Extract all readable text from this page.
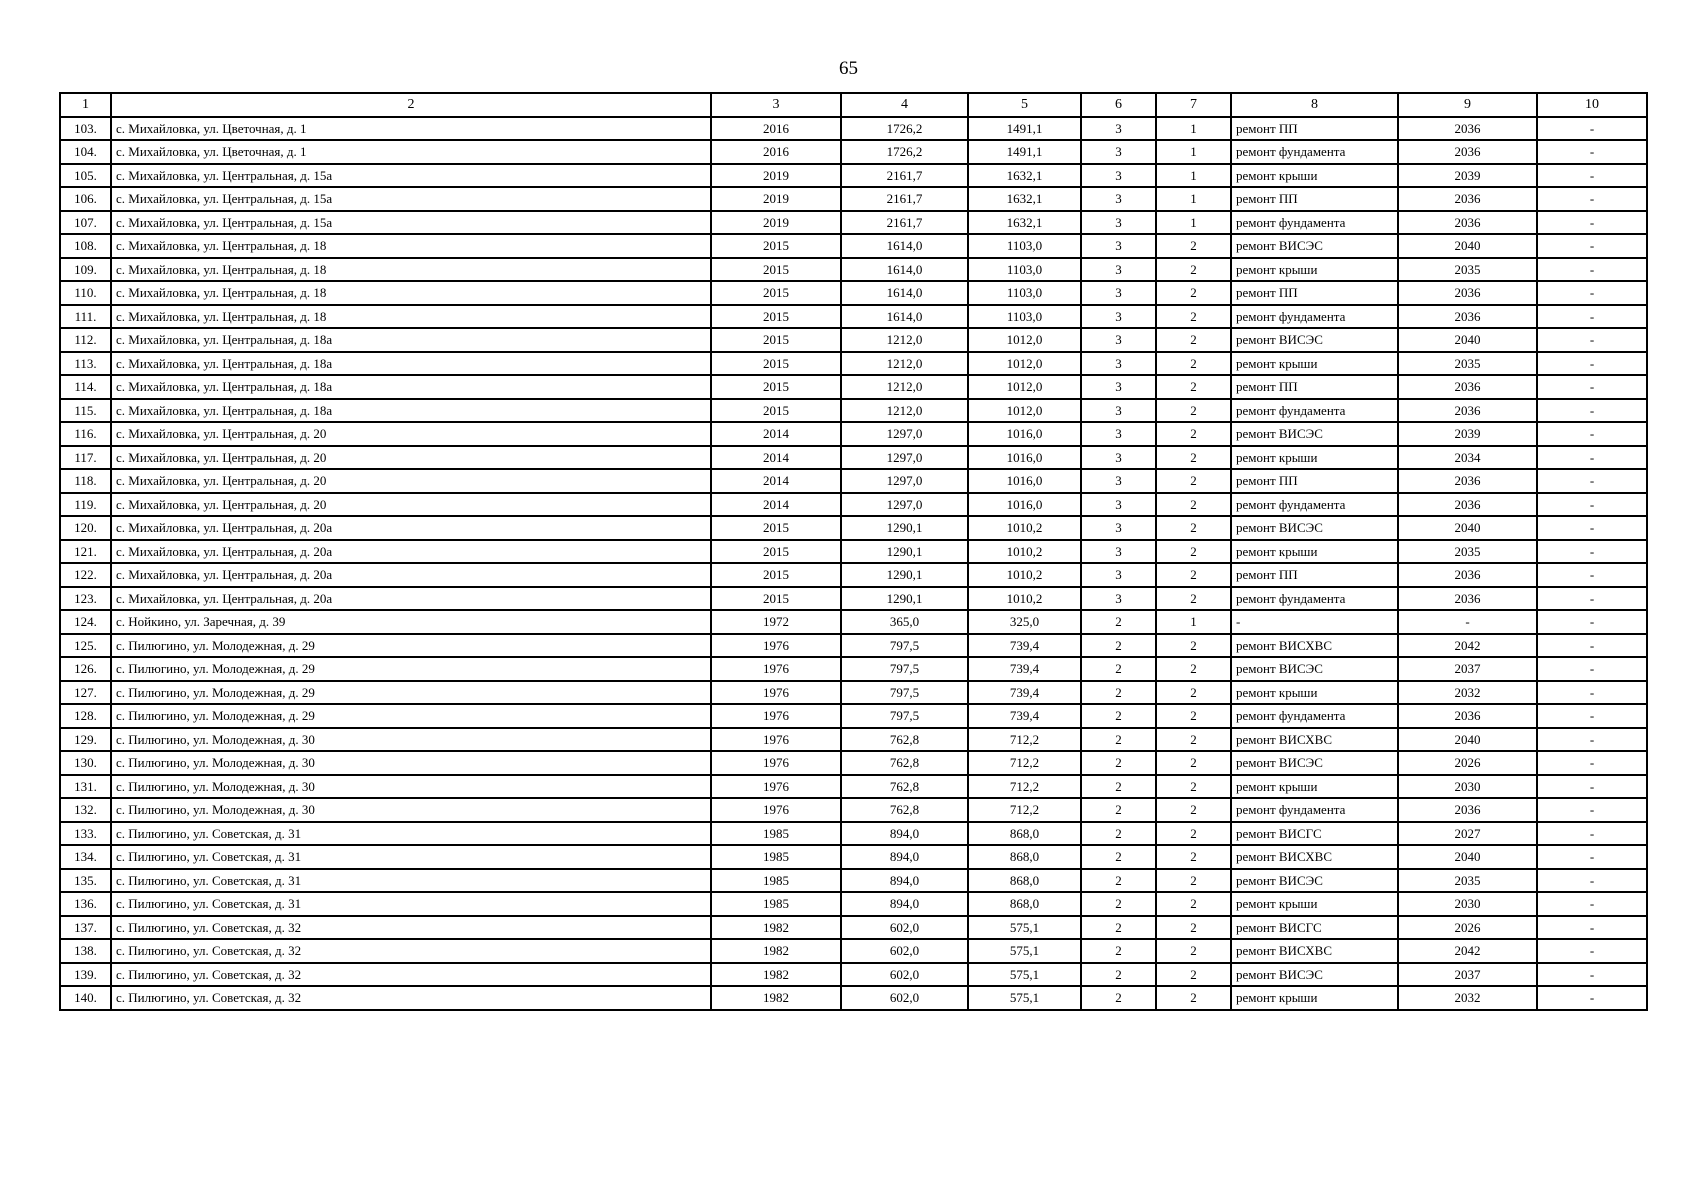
65
1	2	3	4	5	6	7	8	9	10
103.	с. Михайловка, ул. Цветочная, д. 1	2016	1726,2	1491,1	3	1	ремонт ПП	2036	-
104.	с. Михайловка, ул. Цветочная, д. 1	2016	1726,2	1491,1	3	1	ремонт фундамента	2036	-
105.	с. Михайловка, ул. Центральная, д. 15а	2019	2161,7	1632,1	3	1	ремонт крыши	2039	-
106.	с. Михайловка, ул. Центральная, д. 15а	2019	2161,7	1632,1	3	1	ремонт ПП	2036	-
107.	с. Михайловка, ул. Центральная, д. 15а	2019	2161,7	1632,1	3	1	ремонт фундамента	2036	-
108.	с. Михайловка, ул. Центральная, д. 18	2015	1614,0	1103,0	3	2	ремонт ВИСЭС	2040	-
109.	с. Михайловка, ул. Центральная, д. 18	2015	1614,0	1103,0	3	2	ремонт крыши	2035	-
110.	с. Михайловка, ул. Центральная, д. 18	2015	1614,0	1103,0	3	2	ремонт ПП	2036	-
111.	с. Михайловка, ул. Центральная, д. 18	2015	1614,0	1103,0	3	2	ремонт фундамента	2036	-
112.	с. Михайловка, ул. Центральная, д. 18а	2015	1212,0	1012,0	3	2	ремонт ВИСЭС	2040	-
113.	с. Михайловка, ул. Центральная, д. 18а	2015	1212,0	1012,0	3	2	ремонт крыши	2035	-
114.	с. Михайловка, ул. Центральная, д. 18а	2015	1212,0	1012,0	3	2	ремонт ПП	2036	-
115.	с. Михайловка, ул. Центральная, д. 18а	2015	1212,0	1012,0	3	2	ремонт фундамента	2036	-
116.	с. Михайловка, ул. Центральная, д. 20	2014	1297,0	1016,0	3	2	ремонт ВИСЭС	2039	-
117.	с. Михайловка, ул. Центральная, д. 20	2014	1297,0	1016,0	3	2	ремонт крыши	2034	-
118.	с. Михайловка, ул. Центральная, д. 20	2014	1297,0	1016,0	3	2	ремонт ПП	2036	-
119.	с. Михайловка, ул. Центральная, д. 20	2014	1297,0	1016,0	3	2	ремонт фундамента	2036	-
120.	с. Михайловка, ул. Центральная, д. 20а	2015	1290,1	1010,2	3	2	ремонт ВИСЭС	2040	-
121.	с. Михайловка, ул. Центральная, д. 20а	2015	1290,1	1010,2	3	2	ремонт крыши	2035	-
122.	с. Михайловка, ул. Центральная, д. 20а	2015	1290,1	1010,2	3	2	ремонт ПП	2036	-
123.	с. Михайловка, ул. Центральная, д. 20а	2015	1290,1	1010,2	3	2	ремонт фундамента	2036	-
124.	с. Нойкино, ул. Заречная, д. 39	1972	365,0	325,0	2	1	-	-	-
125.	с. Пилюгино, ул. Молодежная, д. 29	1976	797,5	739,4	2	2	ремонт ВИСХВС	2042	-
126.	с. Пилюгино, ул. Молодежная, д. 29	1976	797,5	739,4	2	2	ремонт ВИСЭС	2037	-
127.	с. Пилюгино, ул. Молодежная, д. 29	1976	797,5	739,4	2	2	ремонт крыши	2032	-
128.	с. Пилюгино, ул. Молодежная, д. 29	1976	797,5	739,4	2	2	ремонт фундамента	2036	-
129.	с. Пилюгино, ул. Молодежная, д. 30	1976	762,8	712,2	2	2	ремонт ВИСХВС	2040	-
130.	с. Пилюгино, ул. Молодежная, д. 30	1976	762,8	712,2	2	2	ремонт ВИСЭС	2026	-
131.	с. Пилюгино, ул. Молодежная, д. 30	1976	762,8	712,2	2	2	ремонт крыши	2030	-
132.	с. Пилюгино, ул. Молодежная, д. 30	1976	762,8	712,2	2	2	ремонт фундамента	2036	-
133.	с. Пилюгино, ул. Советская, д. 31	1985	894,0	868,0	2	2	ремонт ВИСГС	2027	-
134.	с. Пилюгино, ул. Советская, д. 31	1985	894,0	868,0	2	2	ремонт ВИСХВС	2040	-
135.	с. Пилюгино, ул. Советская, д. 31	1985	894,0	868,0	2	2	ремонт ВИСЭС	2035	-
136.	с. Пилюгино, ул. Советская, д. 31	1985	894,0	868,0	2	2	ремонт крыши	2030	-
137.	с. Пилюгино, ул. Советская, д. 32	1982	602,0	575,1	2	2	ремонт ВИСГС	2026	-
138.	с. Пилюгино, ул. Советская, д. 32	1982	602,0	575,1	2	2	ремонт ВИСХВС	2042	-
139.	с. Пилюгино, ул. Советская, д. 32	1982	602,0	575,1	2	2	ремонт ВИСЭС	2037	-
140.	с. Пилюгино, ул. Советская, д. 32	1982	602,0	575,1	2	2	ремонт крыши	2032	-
